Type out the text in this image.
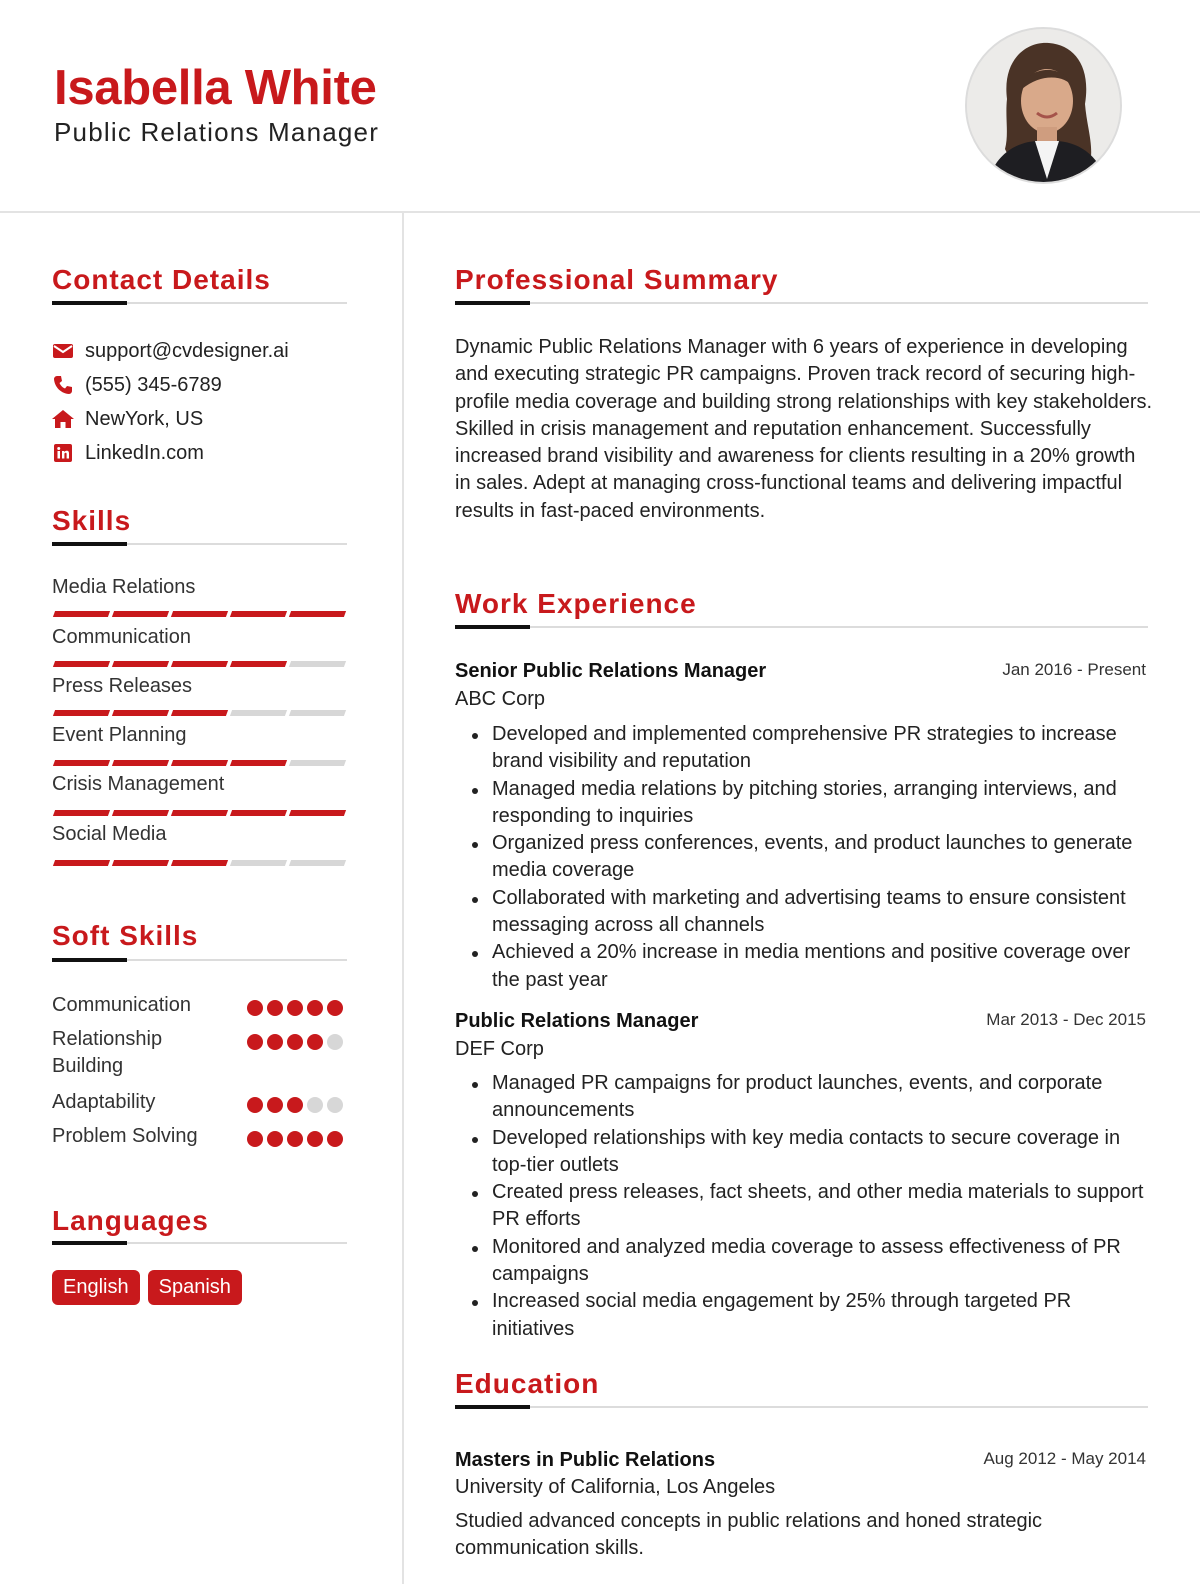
Isabella White
Public Relations Manager
Contact Details
support@cvdesigner.ai
(555) 345-6789
NewYork, US
LinkedIn.com
Skills
Media Relations
Communication
Press Releases
Event Planning
Crisis Management
Social Media
Soft Skills
Communication
Relationship Building
Adaptability
Problem Solving
Languages
English	Spanish
Professional Summary
Dynamic Public Relations Manager with 6 years of experience in developing and executing strategic PR campaigns. Proven track record of securing high-profile media coverage and building strong relationships with key stakeholders. Skilled in crisis management and reputation enhancement. Successfully increased brand visibility and awareness for clients resulting in a 20% growth in sales. Adept at managing cross-functional teams and delivering impactful results in fast-paced environments.
Work Experience
Senior Public Relations Manager	Jan 2016 - Present
ABC Corp
Developed and implemented comprehensive PR strategies to increase brand visibility and reputation
Managed media relations by pitching stories, arranging interviews, and responding to inquiries
Organized press conferences, events, and product launches to generate media coverage
Collaborated with marketing and advertising teams to ensure consistent messaging across all channels
Achieved a 20% increase in media mentions and positive coverage over the past year
Public Relations Manager	Mar 2013 - Dec 2015
DEF Corp
Managed PR campaigns for product launches, events, and corporate announcements
Developed relationships with key media contacts to secure coverage in top-tier outlets
Created press releases, fact sheets, and other media materials to support PR efforts
Monitored and analyzed media coverage to assess effectiveness of PR campaigns
Increased social media engagement by 25% through targeted PR initiatives
Education
Masters in Public Relations	Aug 2012 - May 2014
University of California, Los Angeles
Studied advanced concepts in public relations and honed strategic communication skills.
